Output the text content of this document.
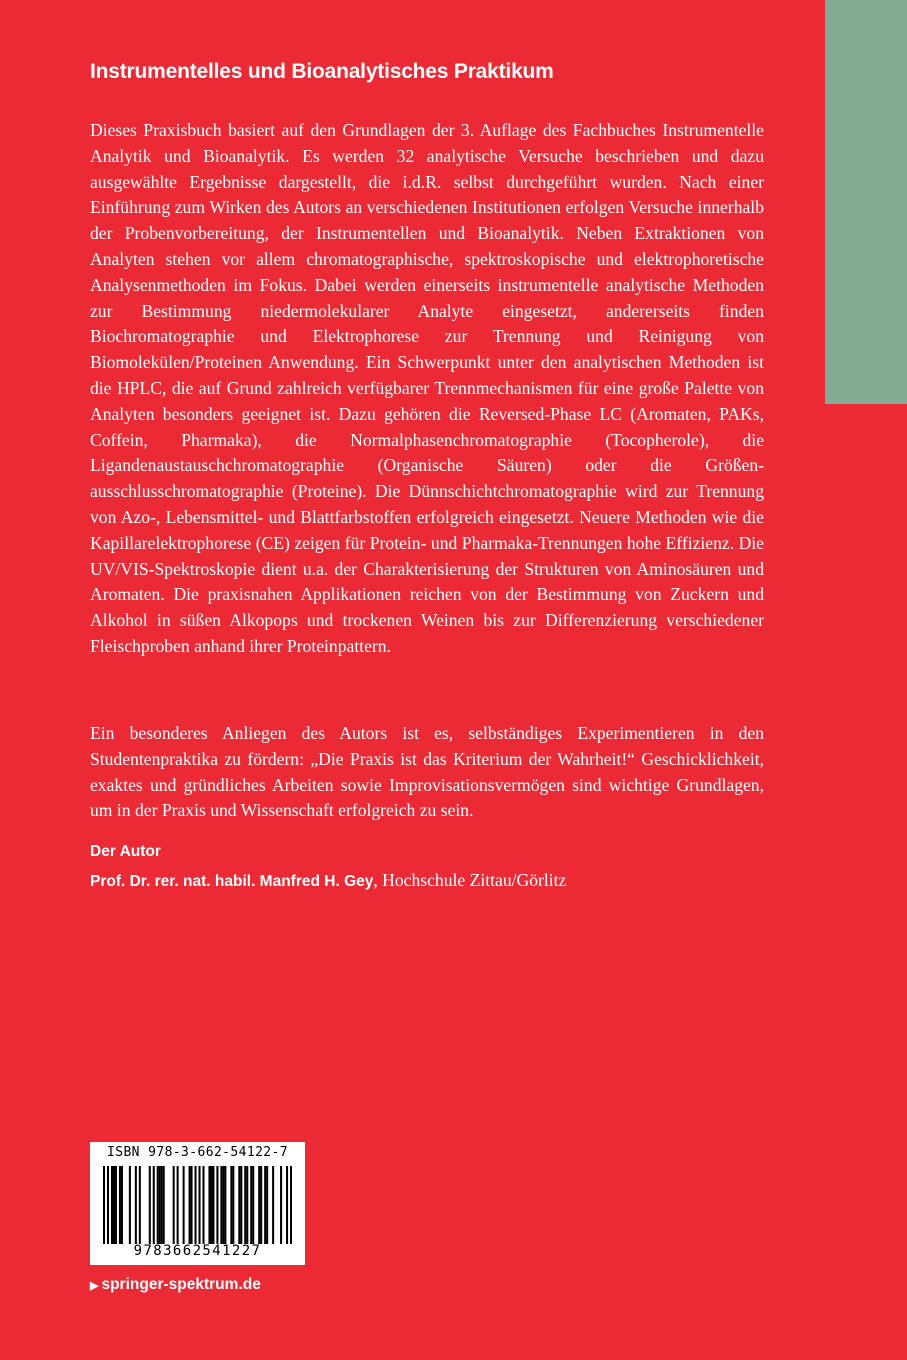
Instrumentelles und Bioanalytisches Praktikum

Dieses Praxisbuch basiert auf den Grundlagen der 3. Auflage des Fachbuches Instrumentelle Analytik und Bioanalytik. Es werden 32 analytische Versuche beschrieben und dazu ausgewählte Ergebnisse dargestellt, die i.d.R. selbst durchgeführt wurden. Nach einer Einführung zum Wirken des Autors an verschiedenen Institutionen erfolgen Versuche innerhalb der Probenvorbereitung, der Instrumentellen und Bioanalytik. Neben Extraktionen von Analyten stehen vor allem chromatographische, spektroskopische und elektrophoretische Analysenmethoden im Fokus. Dabei werden einerseits instrumentelle analytische Methoden zur Bestimmung niedermolekularer Analyte eingesetzt, andererseits finden Biochromatographie und Elektrophorese zur Trennung und Reinigung von Biomolekülen/Proteinen Anwendung. Ein Schwerpunkt unter den analytischen Methoden ist die HPLC, die auf Grund zahlreich verfügbarer Trennmechanismen für eine große Palette von Analyten besonders geeignet ist. Dazu gehören die Reversed-Phase LC (Aromaten, PAKs, Coffein, Pharmaka), die Normalphasenchromatographie (Tocopherole), die Ligandenaustauschchromatographie (Organische Säuren) oder die Größenausschlusschromatographie (Proteine). Die Dünnschichtchromatographie wird zur Trennung von Azo-, Lebensmittel- und Blattfarbstoffen erfolgreich eingesetzt. Neuere Methoden wie die Kapillarelektrophorese (CE) zeigen für Protein- und Pharmaka-Trennungen hohe Effizienz. Die UV/VIS-Spektroskopie dient u.a. der Charakterisierung der Strukturen von Aminosäuren und Aromaten. Die praxisnahen Applikationen reichen von der Bestimmung von Zuckern und Alkohol in süßen Alkopops und trockenen Weinen bis zur Differenzierung verschiedener Fleischproben anhand ihrer Proteinpattern.

Ein besonderes Anliegen des Autors ist es, selbständiges Experimentieren in den Studentenpraktika zu fördern: „Die Praxis ist das Kriterium der Wahrheit!“ Geschicklichkeit, exaktes und gründliches Arbeiten sowie Improvisationsvermögen sind wichtige Grundlagen, um in der Praxis und Wissenschaft erfolgreich zu sein.

Der Autor
Prof. Dr. rer. nat. habil. Manfred H. Gey, Hochschule Zittau/Görlitz
ISBN 978-3-662-54122-7
9783662541227
▶ springer-spektrum.de
